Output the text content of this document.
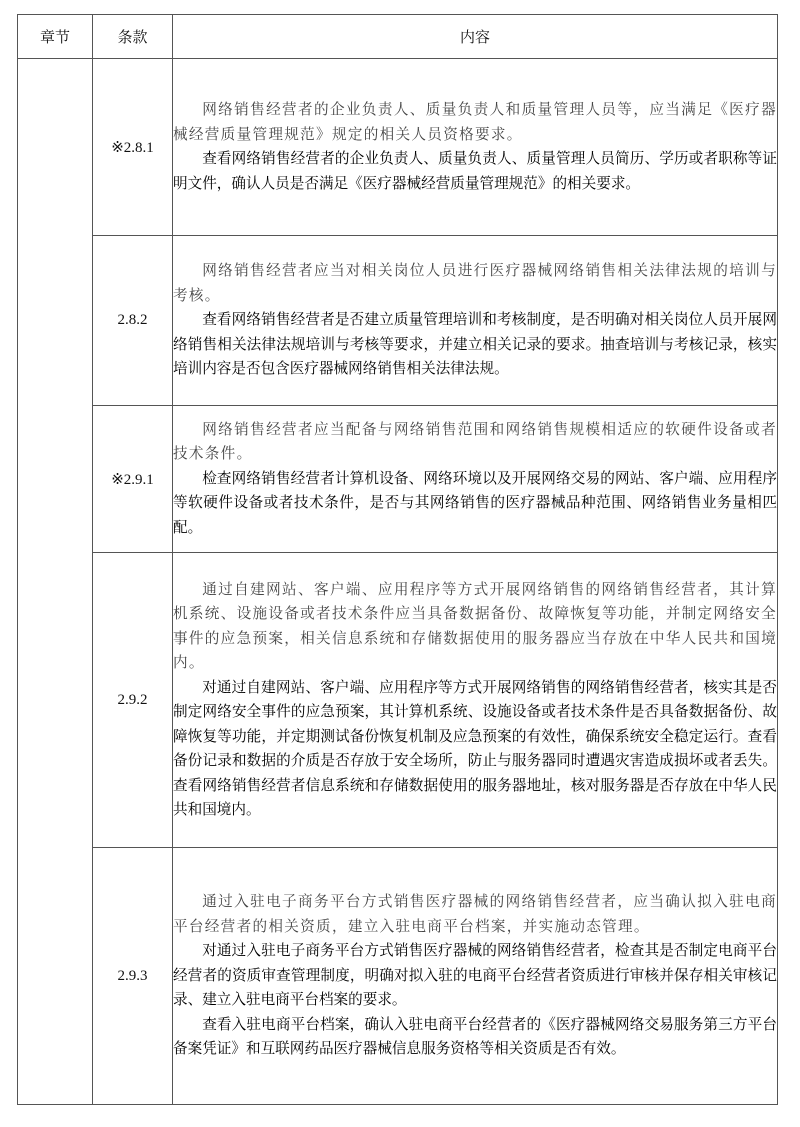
章节	条款	内容
	※2.8.1	网络销售经营者的企业负责人、质量负责人和质量管理人员等，应当满足《医疗器械经营质量管理规范》规定的相关人员资格要求。

查看网络销售经营者的企业负责人、质量负责人、质量管理人员简历、学历或者职称等证明文件，确认人员是否满足《医疗器械经营质量管理规范》的相关要求。

	2.8.2	网络销售经营者应当对相关岗位人员进行医疗器械网络销售相关法律法规的培训与考核。

查看网络销售经营者是否建立质量管理培训和考核制度，是否明确对相关岗位人员开展网络销售相关法律法规培训与考核等要求，并建立相关记录的要求。抽查培训与考核记录，核实培训内容是否包含医疗器械网络销售相关法律法规。

	※2.9.1	网络销售经营者应当配备与网络销售范围和网络销售规模相适应的软硬件设备或者技术条件。

检查网络销售经营者计算机设备、网络环境以及开展网络交易的网站、客户端、应用程序等软硬件设备或者技术条件，是否与其网络销售的医疗器械品种范围、网络销售业务量相匹配。

	2.9.2	通过自建网站、客户端、应用程序等方式开展网络销售的网络销售经营者，其计算机系统、设施设备或者技术条件应当具备数据备份、故障恢复等功能，并制定网络安全事件的应急预案，相关信息系统和存储数据使用的服务器应当存放在中华人民共和国境内。

对通过自建网站、客户端、应用程序等方式开展网络销售的网络销售经营者，核实其是否制定网络安全事件的应急预案，其计算机系统、设施设备或者技术条件是否具备数据备份、故障恢复等功能，并定期测试备份恢复机制及应急预案的有效性，确保系统安全稳定运行。查看备份记录和数据的介质是否存放于安全场所，防止与服务器同时遭遇灾害造成损坏或者丢失。查看网络销售经营者信息系统和存储数据使用的服务器地址，核对服务器是否存放在中华人民共和国境内。

	2.9.3	通过入驻电子商务平台方式销售医疗器械的网络销售经营者，应当确认拟入驻电商平台经营者的相关资质，建立入驻电商平台档案，并实施动态管理。

对通过入驻电子商务平台方式销售医疗器械的网络销售经营者，检查其是否制定电商平台经营者的资质审查管理制度，明确对拟入驻的电商平台经营者资质进行审核并保存相关审核记录、建立入驻电商平台档案的要求。

查看入驻电商平台档案，确认入驻电商平台经营者的《医疗器械网络交易服务第三方平台备案凭证》和互联网药品医疗器械信息服务资格等相关资质是否有效。
